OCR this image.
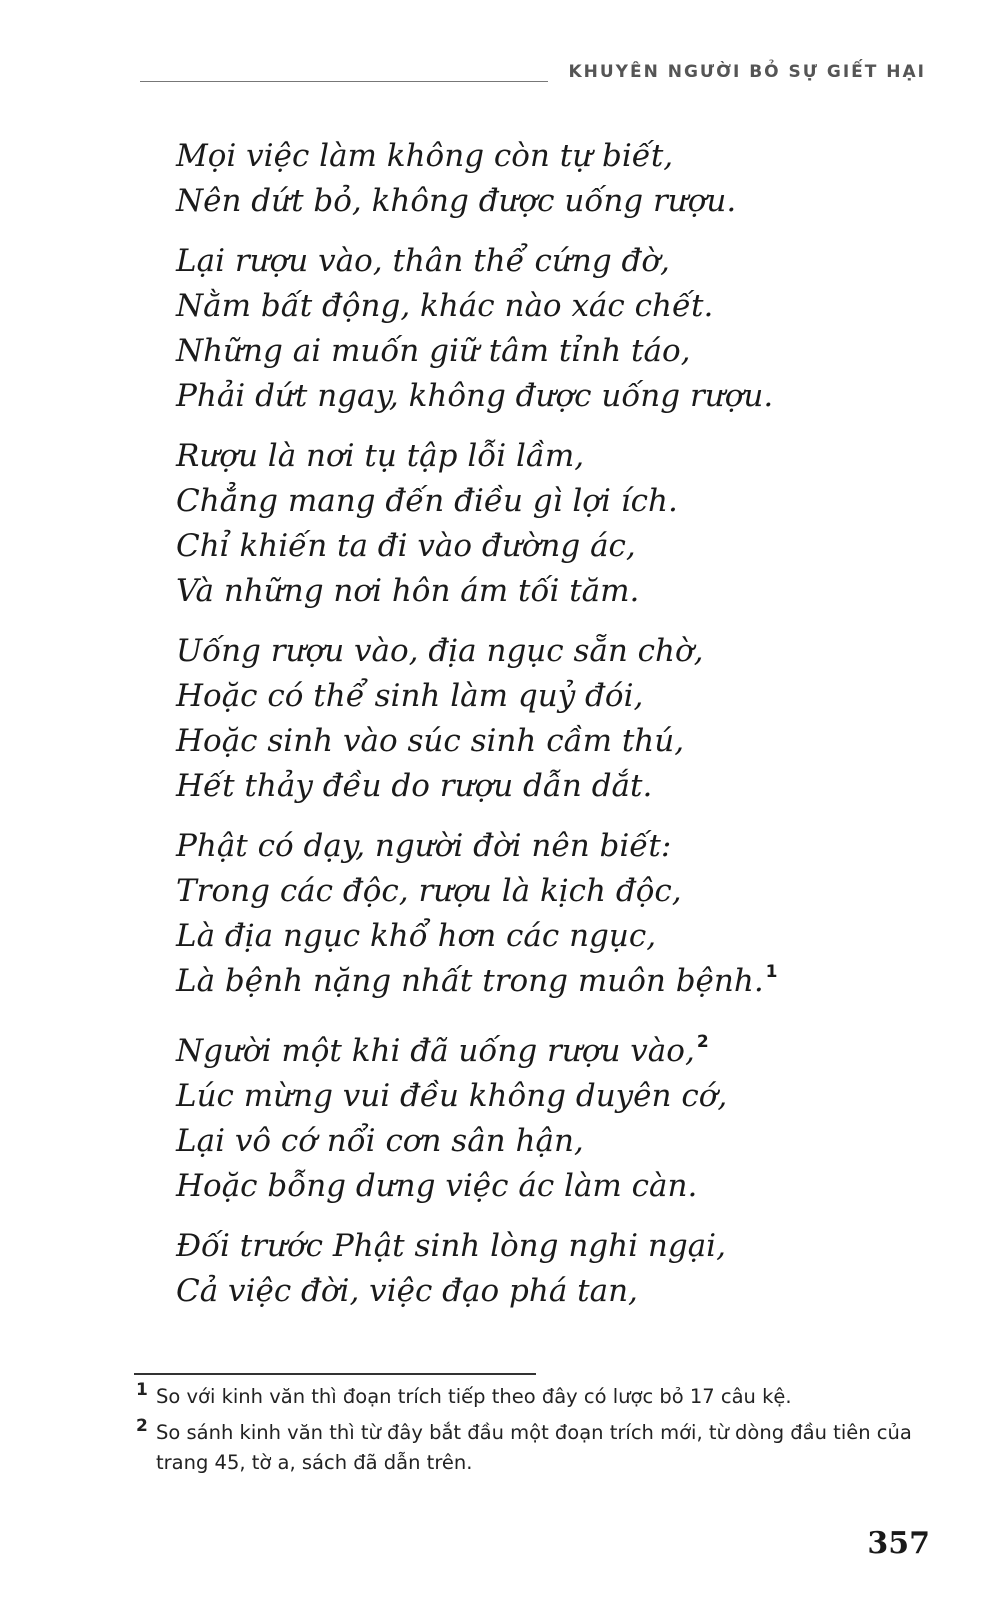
KHUYÊN NGƯỜI BỎ SỰ GIẾT HẠI
Mọi việc làm không còn tự biết,
Nên dứt bỏ, không được uống rượu.
Lại rượu vào, thân thể cứng đờ,
Nằm bất động, khác nào xác chết.
Những ai muốn giữ tâm tỉnh táo,
Phải dứt ngay, không được uống rượu.
Rượu là nơi tụ tập lỗi lầm,
Chẳng mang đến điều gì lợi ích.
Chỉ khiến ta đi vào đường ác,
Và những nơi hôn ám tối tăm.
Uống rượu vào, địa ngục sẵn chờ,
Hoặc có thể sinh làm quỷ đói,
Hoặc sinh vào súc sinh cầm thú,
Hết thảy đều do rượu dẫn dắt.
Phật có dạy, người đời nên biết:
Trong các độc, rượu là kịch độc,
Là địa ngục khổ hơn các ngục,
Là bệnh nặng nhất trong muôn bệnh. $^1$
Người một khi đã uống rượu vào, $^2$
Lúc mừng vui đều không duyên cớ,
Lại vô cớ nổi cơn sân hận,
Hoặc bỗng dưng việc ác làm càn.
Đối trước Phật sinh lòng nghi ngại,
Cả việc đời, việc đạo phá tan,
1 So với kinh văn thì đoạn trích tiếp theo đây có lược bỏ 17 câu kệ.
2 So sánh kinh văn thì từ đây bắt đầu một đoạn trích mới, từ dòng đầu tiên của trang 45, tờ a, sách đã dẫn trên.
357
